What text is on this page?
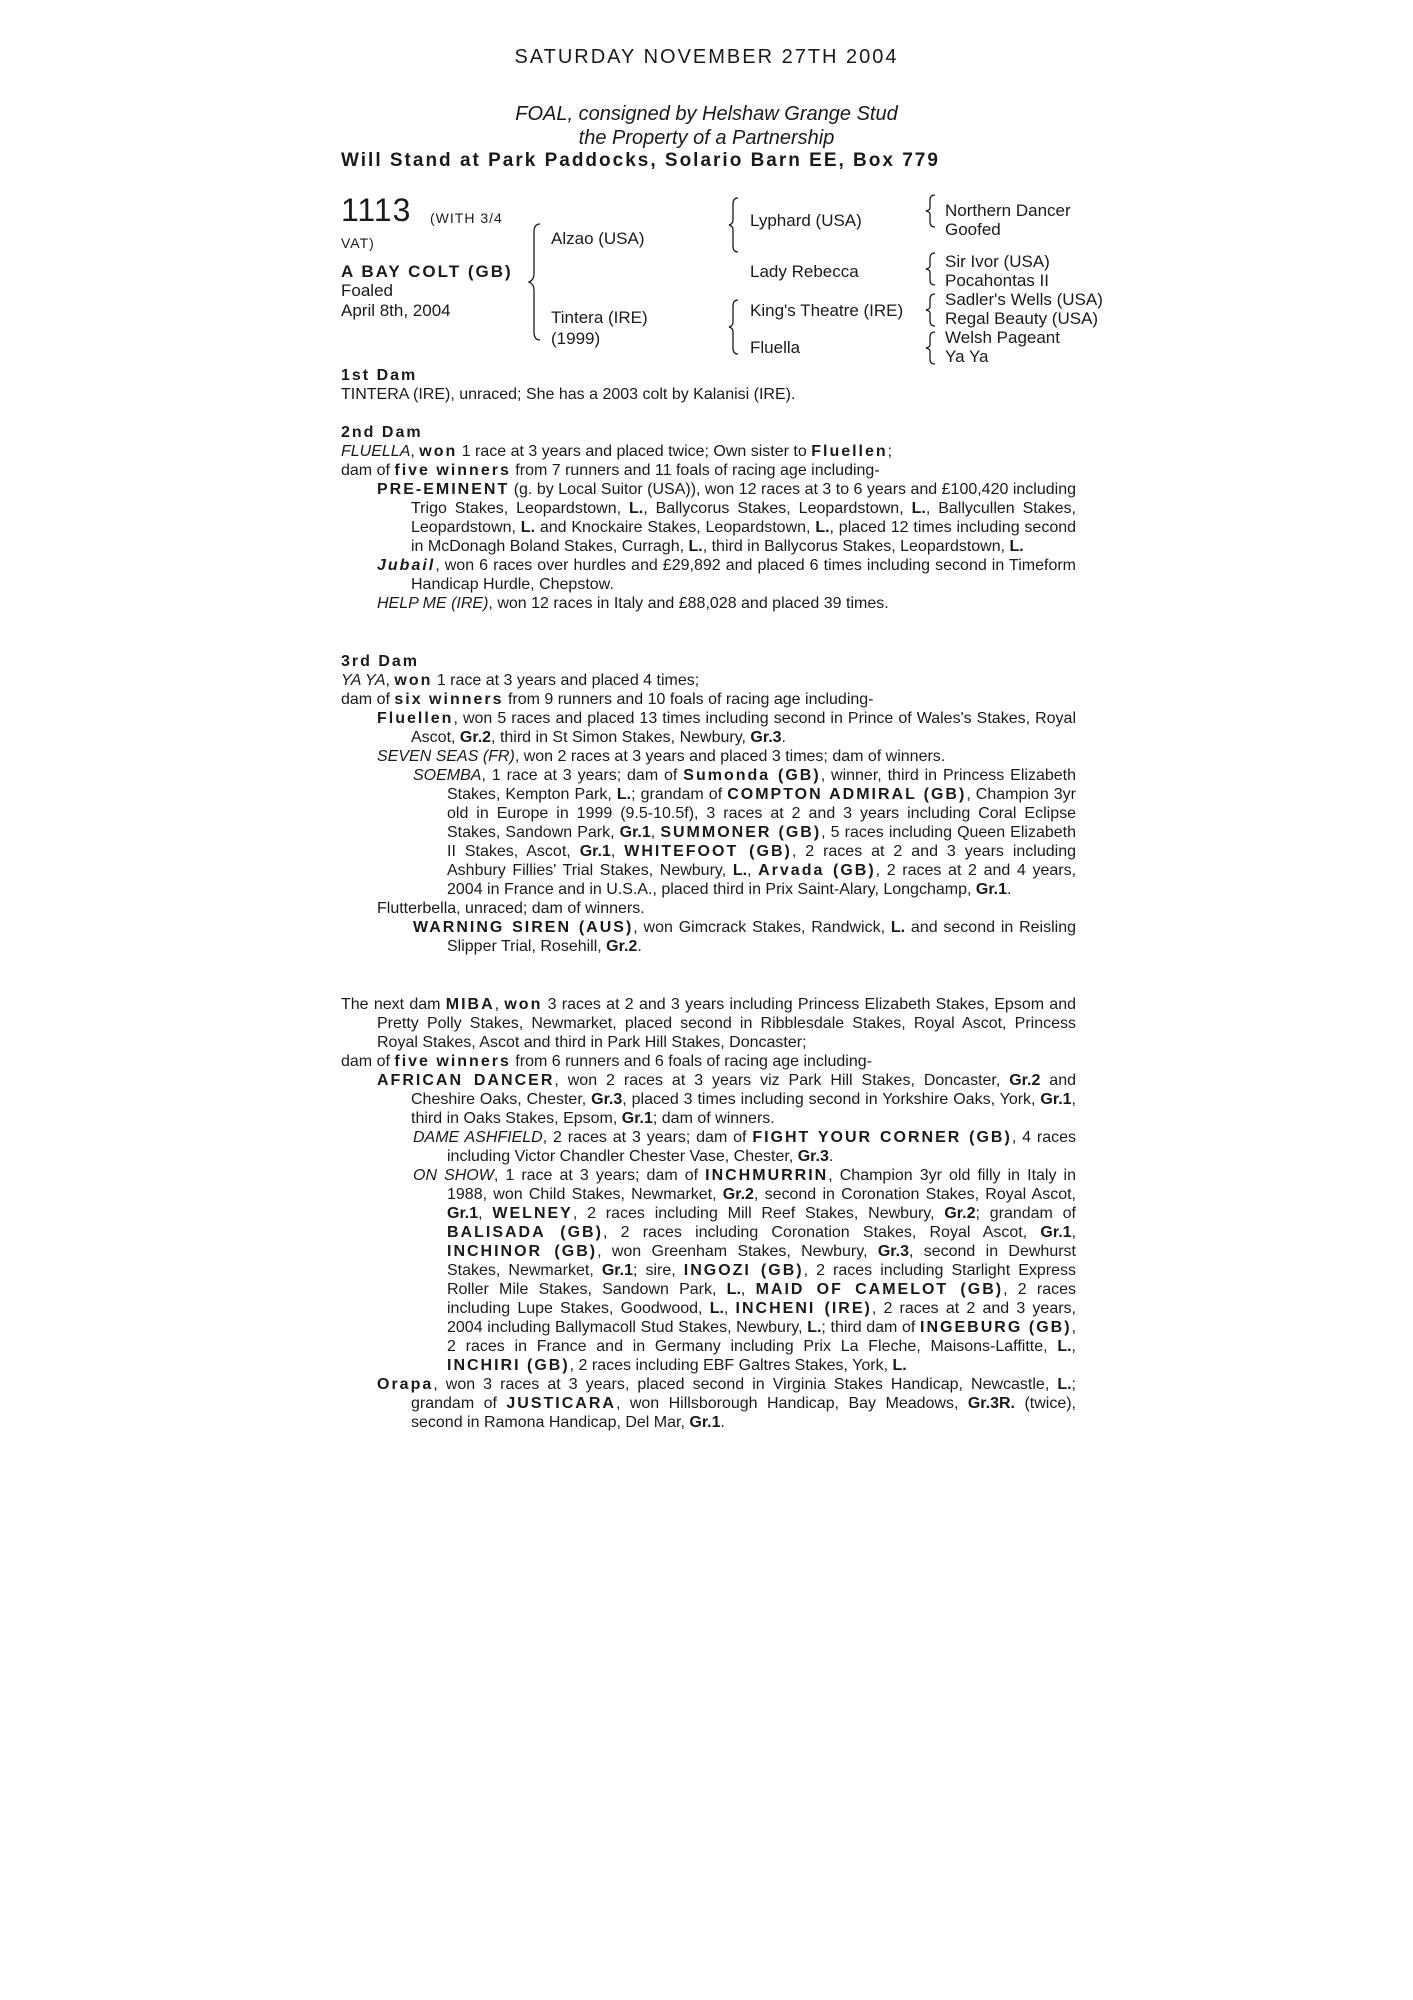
SATURDAY NOVEMBER 27TH 2004
FOAL, consigned by Helshaw Grange Stud
the Property of a Partnership
Will Stand at Park Paddocks, Solario Barn EE, Box 779
1113 (WITH 3/4
VAT)
A BAY COLT (GB)
Foaled
April 8th, 2004
Alzao (USA)
Tintera (IRE)
(1999)
Lyphard (USA)
Lady Rebecca
King's Theatre (IRE)
Fluella
Northern Dancer
Goofed
Sir Ivor (USA)
Pocahontas II
Sadler's Wells (USA)
Regal Beauty (USA)
Welsh Pageant
Ya Ya

1st Dam

TINTERA (IRE), unraced; She has a 2003 colt by Kalanisi (IRE).

2nd Dam

FLUELLA, won 1 race at 3 years and placed twice; Own sister to Fluellen;

dam of five winners from 7 runners and 11 foals of racing age including-

PRE-EMINENT (g. by Local Suitor (USA)), won 12 races at 3 to 6 years and £100,420 including Trigo Stakes, Leopardstown, L., Ballycorus Stakes, Leopardstown, L., Ballycullen Stakes, Leopardstown, L. and Knockaire Stakes, Leopardstown, L., placed 12 times including second in McDonagh Boland Stakes, Curragh, L., third in Ballycorus Stakes, Leopardstown, L.

Jubail, won 6 races over hurdles and £29,892 and placed 6 times including second in Timeform Handicap Hurdle, Chepstow.

HELP ME (IRE), won 12 races in Italy and £88,028 and placed 39 times.

3rd Dam

YA YA, won 1 race at 3 years and placed 4 times;

dam of six winners from 9 runners and 10 foals of racing age including-

Fluellen, won 5 races and placed 13 times including second in Prince of Wales's Stakes, Royal Ascot, Gr.2, third in St Simon Stakes, Newbury, Gr.3.

SEVEN SEAS (FR), won 2 races at 3 years and placed 3 times; dam of winners.

SOEMBA, 1 race at 3 years; dam of Sumonda (GB), winner, third in Princess Elizabeth Stakes, Kempton Park, L.; grandam of COMPTON ADMIRAL (GB), Champion 3yr old in Europe in 1999 (9.5-10.5f), 3 races at 2 and 3 years including Coral Eclipse Stakes, Sandown Park, Gr.1, SUMMONER (GB), 5 races including Queen Elizabeth II Stakes, Ascot, Gr.1, WHITEFOOT (GB), 2 races at 2 and 3 years including Ashbury Fillies' Trial Stakes, Newbury, L., Arvada (GB), 2 races at 2 and 4 years, 2004 in France and in U.S.A., placed third in Prix Saint-Alary, Longchamp, Gr.1.

Flutterbella, unraced; dam of winners.

WARNING SIREN (AUS), won Gimcrack Stakes, Randwick, L. and second in Reisling Slipper Trial, Rosehill, Gr.2.

The next dam MIBA, won 3 races at 2 and 3 years including Princess Elizabeth Stakes, Epsom and Pretty Polly Stakes, Newmarket, placed second in Ribblesdale Stakes, Royal Ascot, Princess Royal Stakes, Ascot and third in Park Hill Stakes, Doncaster;

dam of five winners from 6 runners and 6 foals of racing age including-

AFRICAN DANCER, won 2 races at 3 years viz Park Hill Stakes, Doncaster, Gr.2 and Cheshire Oaks, Chester, Gr.3, placed 3 times including second in Yorkshire Oaks, York, Gr.1, third in Oaks Stakes, Epsom, Gr.1; dam of winners.

DAME ASHFIELD, 2 races at 3 years; dam of FIGHT YOUR CORNER (GB), 4 races including Victor Chandler Chester Vase, Chester, Gr.3.

ON SHOW, 1 race at 3 years; dam of INCHMURRIN, Champion 3yr old filly in Italy in 1988, won Child Stakes, Newmarket, Gr.2, second in Coronation Stakes, Royal Ascot, Gr.1, WELNEY, 2 races including Mill Reef Stakes, Newbury, Gr.2; grandam of BALISADA (GB), 2 races including Coronation Stakes, Royal Ascot, Gr.1, INCHINOR (GB), won Greenham Stakes, Newbury, Gr.3, second in Dewhurst Stakes, Newmarket, Gr.1; sire, INGOZI (GB), 2 races including Starlight Express Roller Mile Stakes, Sandown Park, L., MAID OF CAMELOT (GB), 2 races including Lupe Stakes, Goodwood, L., INCHENI (IRE), 2 races at 2 and 3 years, 2004 including Ballymacoll Stud Stakes, Newbury, L.; third dam of INGEBURG (GB), 2 races in France and in Germany including Prix La Fleche, Maisons-Laffitte, L., INCHIRI (GB), 2 races including EBF Galtres Stakes, York, L.

Orapa, won 3 races at 3 years, placed second in Virginia Stakes Handicap, Newcastle, L.; grandam of JUSTICARA, won Hillsborough Handicap, Bay Meadows, Gr.3R. (twice), second in Ramona Handicap, Del Mar, Gr.1.
